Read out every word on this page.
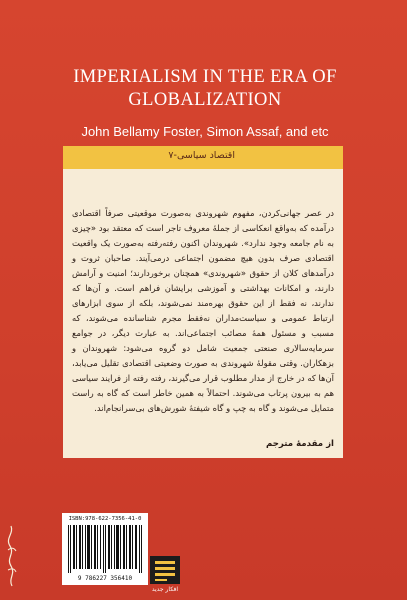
IMPERIALISM IN THE ERA OF GLOBALIZATION
John Bellamy Foster, Simon Assaf, and etc
اقتصاد سیاسی-۷
در عصر جهانی‌کردن، مفهوم شهروندی به‌صورت موقعیتی صرفاً اقتصادی درآمده که به‌واقع انعکاسی از جملهٔ معروف تاجر است که معتقد بود «چیزی به نام جامعه وجود ندارد». شهروندان اکنون رفته‌رفته به‌صورت یک واقعیت اقتصادی صرف بدون هیچ مضمون اجتماعی درمی‌آیند. صاحبان ثروت و درآمدهای کلان از حقوق «شهروندی» همچنان برخوردارند؛ امنیت و آرامش دارند، و امکانات بهداشتی و آموزشی برایشان فراهم است. و آن‌ها که ندارند، نه فقط از این حقوق بهره‌مند نمی‌شوند، بلکه از سوی ابزارهای ارتباط عمومی و سیاست‌مداران نه‌فقط مجرم شناسانده می‌شوند، که مسبب و مسئول همهٔ مصائب اجتماعی‌اند. به عبارت دیگر، در جوامع سرمایه‌سالاری صنعتی جمعیت شامل دو گروه می‌شود: شهروندان و بزهکاران. وقتی مقولهٔ شهروندی به صورت وضعیتی اقتصادی تقلیل می‌یابد، آن‌ها که در خارج از مدار مطلوب قرار می‌گیرند، رفته رفته از فرایند سیاسی هم به بیرون پرتاب می‌شوند. احتمالاً به همین خاطر است که گاه به راست متمایل می‌شوند و گاه به چپ و گاه شیفتهٔ شورش‌های بی‌سرانجام‌اند.
از مقدمهٔ مترجم
ISBN:978-622-7356-41-0
9 786227 356410
افکار جدید
